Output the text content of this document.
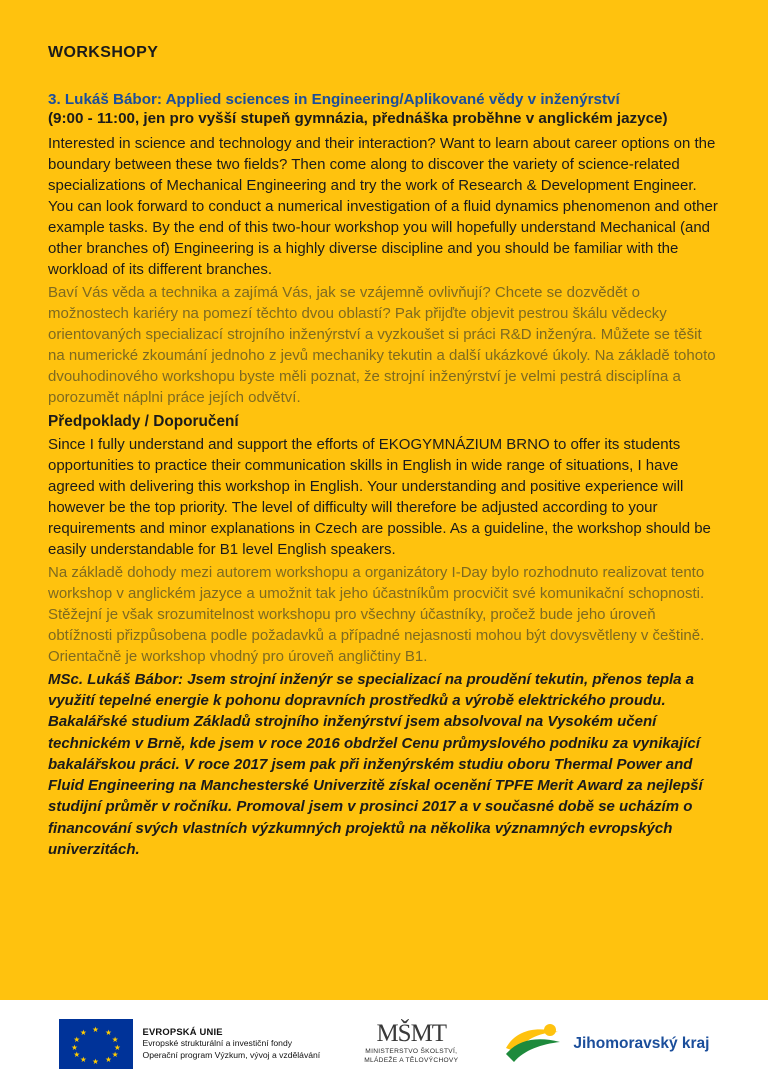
WORKSHOPY

3. Lukáš Bábor: Applied sciences in Engineering/Aplikované vědy v inženýrství

(9:00 - 11:00, jen pro vyšší stupeň gymnázia, přednáška proběhne v anglickém jazyce)

Interested in science and technology and their interaction? Want to learn about career options on the boundary between these two fields? Then come along to discover the variety of science-related specializations of Mechanical Engineering and try the work of Research & Development Engineer. You can look forward to conduct a numerical investigation of a fluid dynamics phenomenon and other example tasks. By the end of this two-hour workshop you will hopefully understand Mechanical (and other branches of) Engineering is a highly diverse discipline and you should be familiar with the workload of its different branches.

Baví Vás věda a technika a zajímá Vás, jak se vzájemně ovlivňují? Chcete se dozvědět o možnostech kariéry na pomezí těchto dvou oblastí? Pak přijďte objevit pestrou škálu vědecky orientovaných specializací strojního inženýrství a vyzkoušet si práci R&D inženýra. Můžete se těšit na numerické zkoumání jednoho z jevů mechaniky tekutin a další ukázkové úkoly. Na základě tohoto dvouhodinového workshopu byste měli poznat, že strojní inženýrství je velmi pestrá disciplína a porozumět náplni práce jejích odvětví.

Předpoklady / Doporučení

Since I fully understand and support the efforts of EKOGYMNÁZIUM BRNO to offer its students opportunities to practice their communication skills in English in wide range of situations, I have agreed with delivering this workshop in English. Your understanding and positive experience will however be the top priority. The level of difficulty will therefore be adjusted according to your requirements and minor explanations in Czech are possible. As a guideline, the workshop should be easily understandable for B1 level English speakers.

Na základě dohody mezi autorem workshopu a organizátory I-Day bylo rozhodnuto realizovat tento workshop v anglickém jazyce a umožnit tak jeho účastníkům procvičit své komunikační schopnosti. Stěžejní je však srozumitelnost workshopu pro všechny účastníky, pročež bude jeho úroveň obtížnosti přizpůsobena podle požadavků a případné nejasnosti mohou být dovysvětleny v češtině. Orientačně je workshop vhodný pro úroveň angličtiny B1.

MSc. Lukáš Bábor: Jsem strojní inženýr se specializací na proudění tekutin, přenos tepla a využití tepelné energie k pohonu dopravních prostředků a výrobě elektrického proudu. Bakalářské studium Základů strojního inženýrství jsem absolvoval na Vysokém učení technickém v Brně, kde jsem v roce 2016 obdržel Cenu průmyslového podniku za vynikající bakalářskou práci. V roce 2017 jsem pak při inženýrském studiu oboru Thermal Power and Fluid Engineering na Manchesterské Univerzitě získal ocenění TPFE Merit Award za nejlepší studijní průměr v ročníku. Promoval jsem v prosinci 2017 a v současné době se ucházím o financování svých vlastních výzkumných projektů na několika významných evropských univerzitách.

★ ★
★
★
★
★
★
★
★
★
★
★	EVROPSKÁ UNIE
Evropské strukturální a investiční fondy
Operační program Výzkum, vývoj a vzdělávání
MŠMT
MINISTERSTVO ŠKOLSTVÍ,
MLÁDEŽE A TĚLOVÝCHOVY
Jihomoravský kraj
